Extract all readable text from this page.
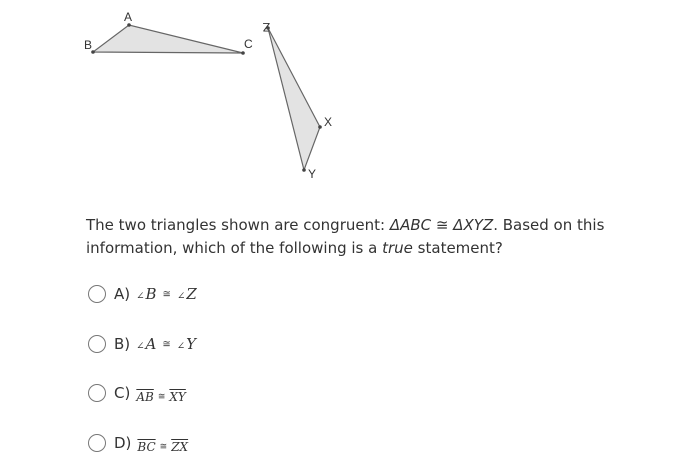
A
B	C
Z
X
Y
The two triangles shown are congruent: ΔABC ≅ ΔXYZ. Based on this information, which of the following is a true statement?
A) ∠ B ≅ ∠ Z
B) ∠ A ≅ ∠ Y
C) $\overline{AB}$ ≅ $\overline{XY}$
D) $\overline{BC}$ ≅ $\overline{ZX}$
